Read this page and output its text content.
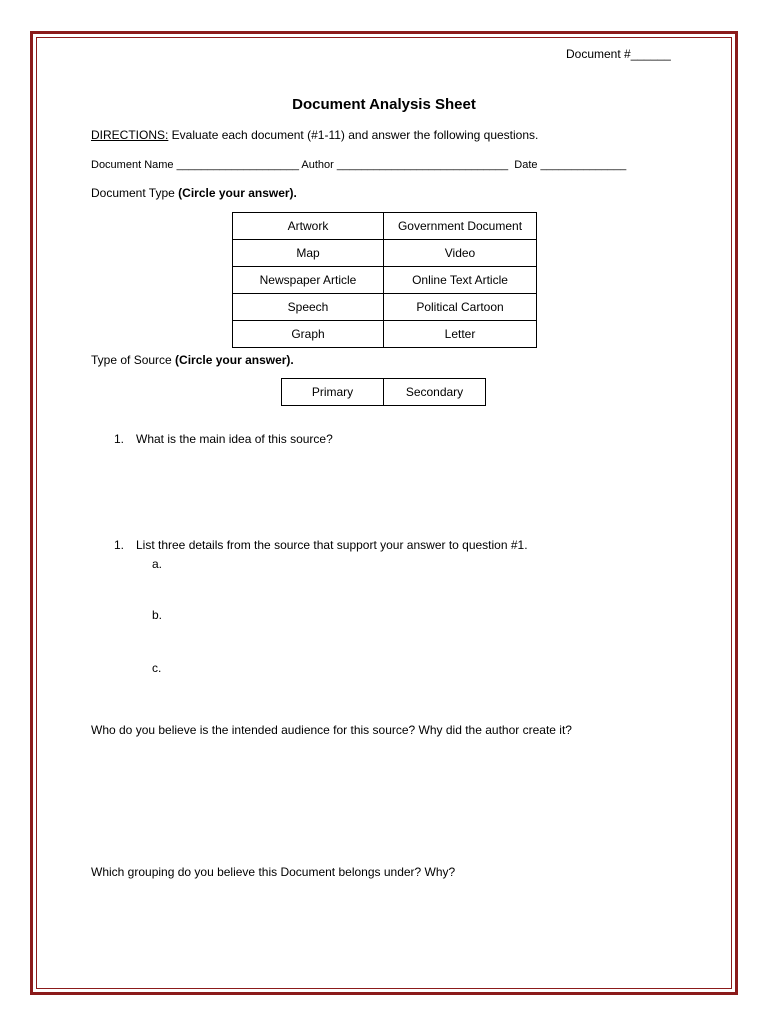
Document #______
Document Analysis Sheet
DIRECTIONS: Evaluate each document (#1-11) and answer the following questions.
Document Name ____________________ Author ____________________________  Date ______________
Document Type (Circle your answer).
Artwork	Government Document
Map	Video
Newspaper Article	Online Text Article
Speech	Political Cartoon
Graph	Letter
Type of Source (Circle your answer).
Primary	Secondary
1. What is the main idea of this source?
1. List three details from the source that support your answer to question #1.
a.
b.
c.
Who do you believe is the intended audience for this source? Why did the author create it?
Which grouping do you believe this Document belongs under? Why?
